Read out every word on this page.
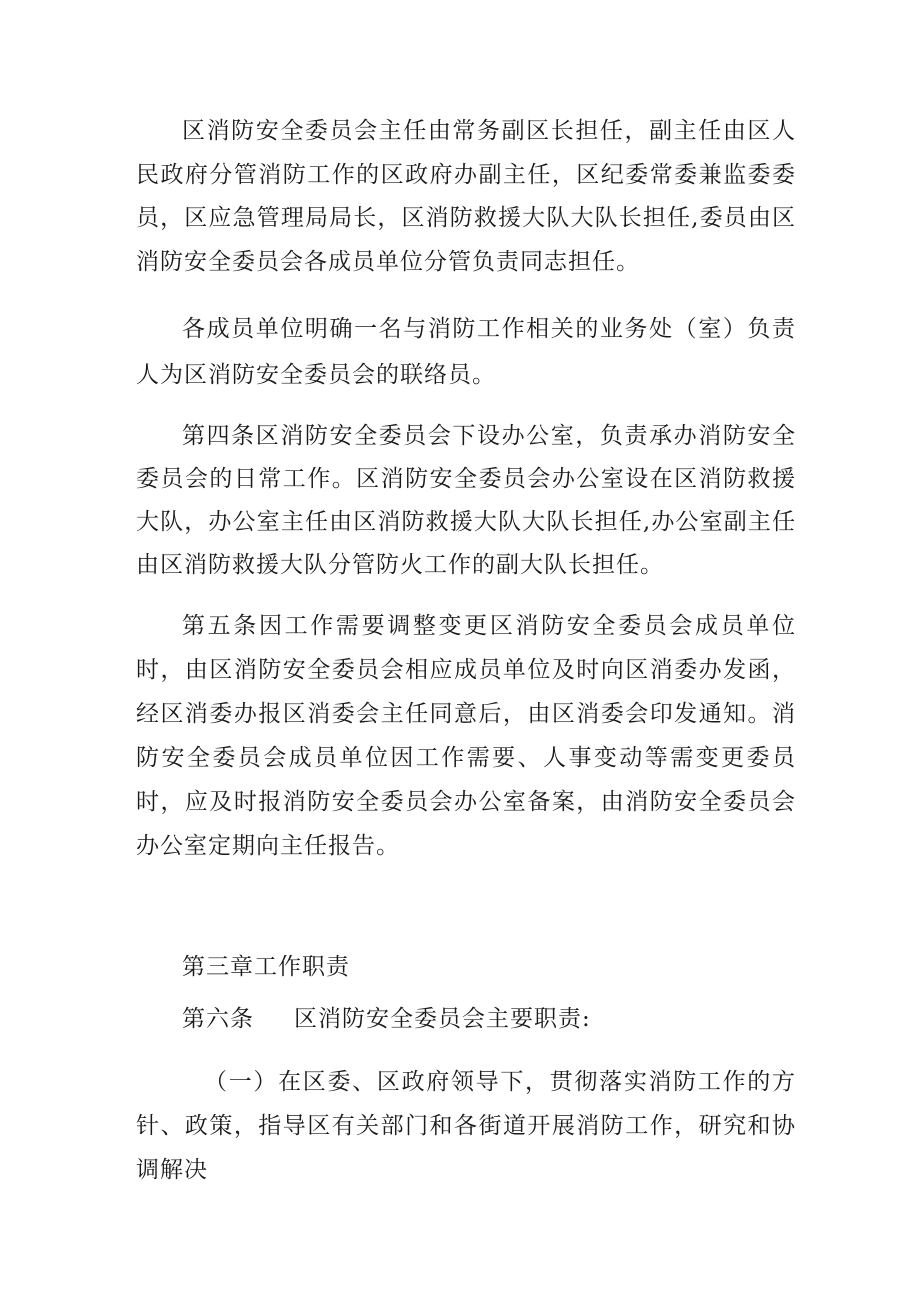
区消防安全委员会主任由常务副区长担任，副主任由区人民政府分管消防工作的区政府办副主任，区纪委常委兼监委委员，区应急管理局局长，区消防救援大队大队长担任,委员由区消防安全委员会各成员单位分管负责同志担任。

各成员单位明确一名与消防工作相关的业务处（室）负责人为区消防安全委员会的联络员。

第四条区消防安全委员会下设办公室，负责承办消防安全委员会的日常工作。区消防安全委员会办公室设在区消防救援大队，办公室主任由区消防救援大队大队长担任,办公室副主任由区消防救援大队分管防火工作的副大队长担任。

第五条因工作需要调整变更区消防安全委员会成员单位时，由区消防安全委员会相应成员单位及时向区消委办发函，经区消委办报区消委会主任同意后，由区消委会印发通知。消防安全委员会成员单位因工作需要、人事变动等需变更委员时，应及时报消防安全委员会办公室备案，由消防安全委员会办公室定期向主任报告。

第三章工作职责

第六条 区消防安全委员会主要职责:

（一）在区委、区政府领导下，贯彻落实消防工作的方针、政策，指导区有关部门和各街道开展消防工作，研究和协调解决
